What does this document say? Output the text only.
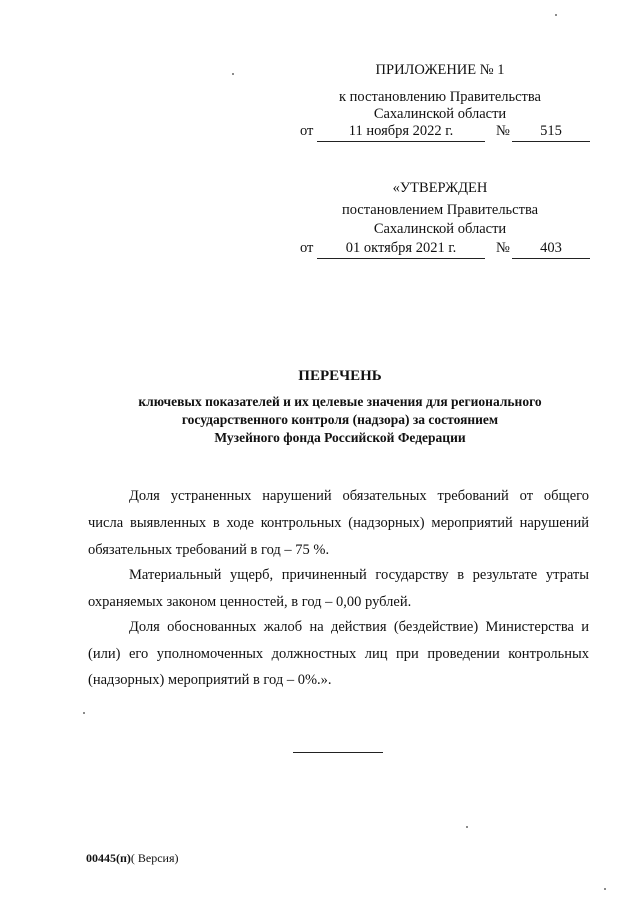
ПРИЛОЖЕНИЕ № 1
к постановлению Правительства
Сахалинской области
от	11 ноября 2022 г.	№	515
«УТВЕРЖДЕН
постановлением Правительства
Сахалинской области
от	01 октября 2021 г.	№	403
ПЕРЕЧЕНЬ
ключевых показателей и их целевые значения для регионального
государственного контроля (надзора) за состоянием
Музейного фонда Российской Федерации
Доля устраненных нарушений обязательных требований от общего
числа выявленных в ходе контрольных (надзорных) мероприятий нарушений
обязательных требований в год – 75 %.
Материальный ущерб, причиненный государству в результате утраты
охраняемых законом ценностей, в год – 0,00 рублей.
Доля обоснованных жалоб на действия (бездействие) Министерства и
(или) его уполномоченных должностных лиц при проведении контрольных
(надзорных) мероприятий в год – 0%.».
00445(п)( Версия)
